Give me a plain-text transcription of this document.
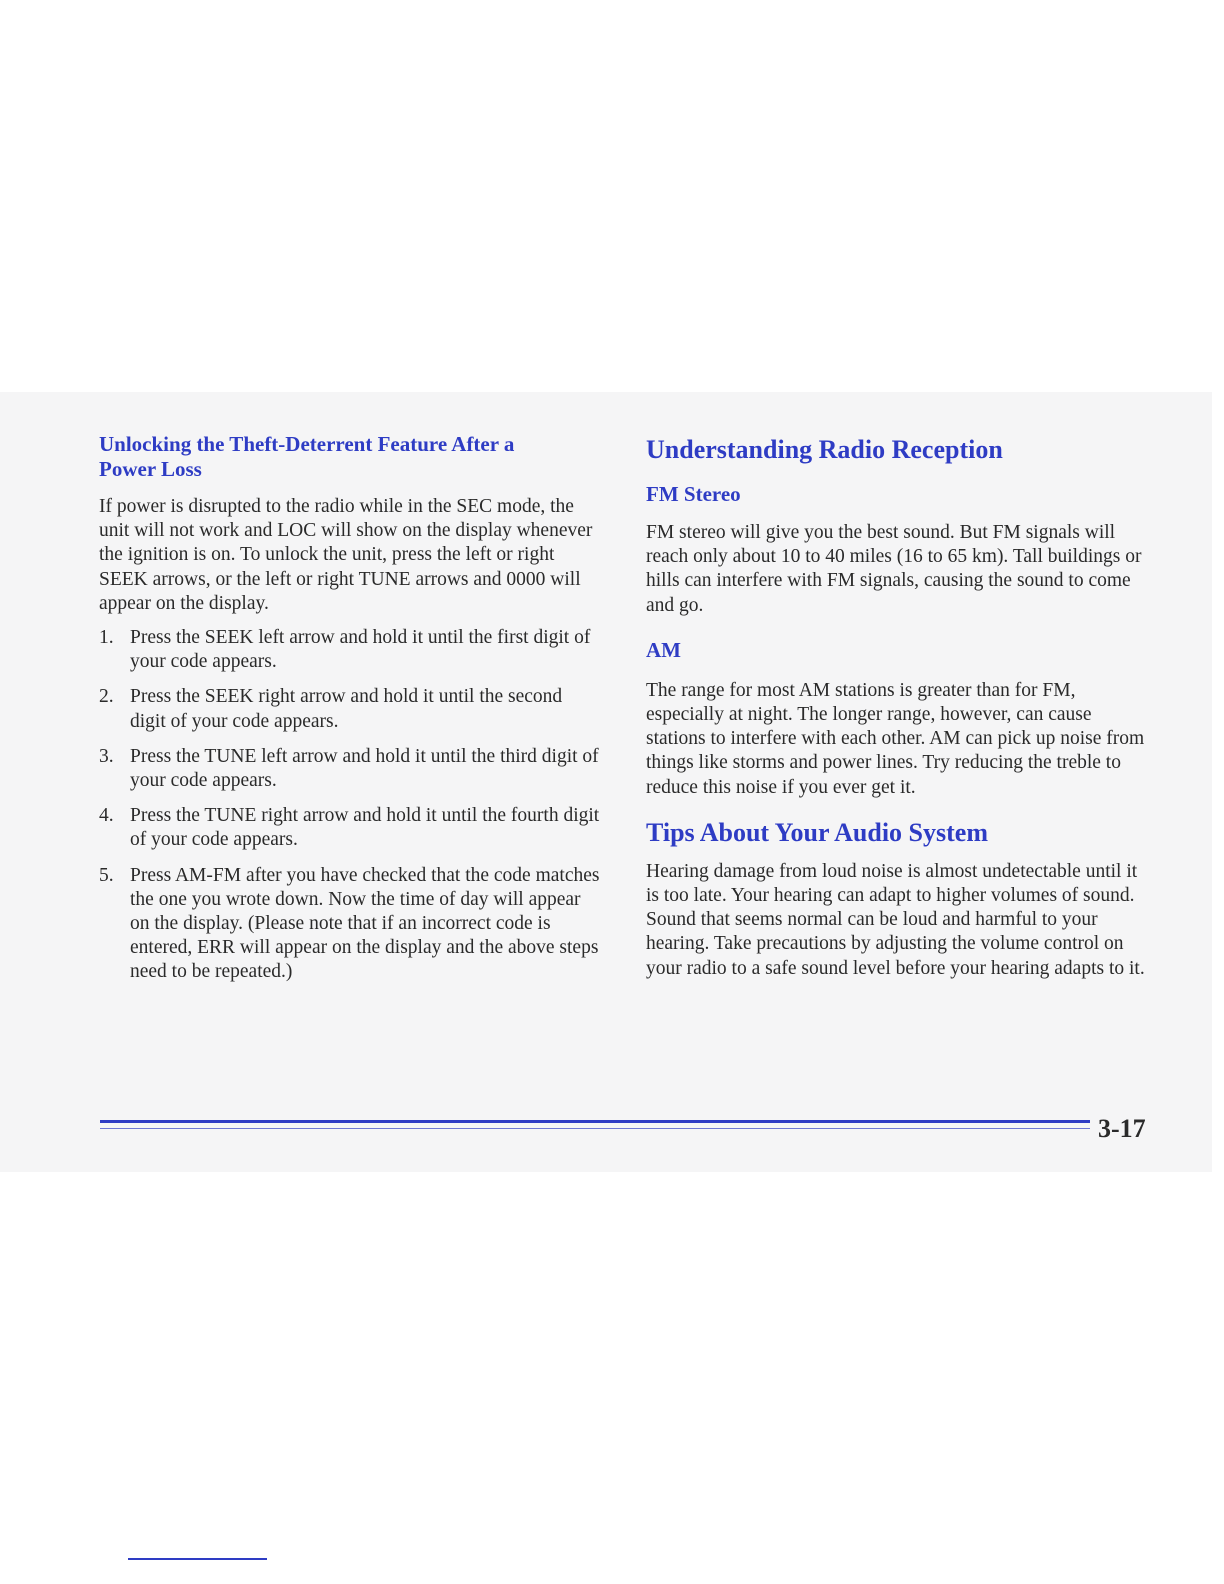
Unlocking the Theft-Deterrent Feature After a
Power Loss

If power is disrupted to the radio while in the SEC mode, the unit will not work and LOC will show on the display whenever the ignition is on. To unlock the unit, press the left or right SEEK arrows, or the left or right TUNE arrows and 0000 will appear on the display.

1. Press the SEEK left arrow and hold it until the first digit of your code appears.
2. Press the SEEK right arrow and hold it until the second digit of your code appears.
3. Press the TUNE left arrow and hold it until the third digit of your code appears.
4. Press the TUNE right arrow and hold it until the fourth digit of your code appears.
5. Press AM-FM after you have checked that the code matches the one you wrote down. Now the time of day will appear on the display. (Please note that if an incorrect code is entered, ERR will appear on the display and the above steps need to be repeated.)
Understanding Radio Reception
FM Stereo

FM stereo will give you the best sound. But FM signals will reach only about 10 to 40 miles (16 to 65 km). Tall buildings or hills can interfere with FM signals, causing the sound to come and go.

AM

The range for most AM stations is greater than for FM, especially at night. The longer range, however, can cause stations to interfere with each other. AM can pick up noise from things like storms and power lines. Try reducing the treble to reduce this noise if you ever get it.

Tips About Your Audio System

Hearing damage from loud noise is almost undetectable until it is too late. Your hearing can adapt to higher volumes of sound. Sound that seems normal can be loud and harmful to your hearing. Take precautions by adjusting the volume control on your radio to a safe sound level before your hearing adapts to it.

3-17
